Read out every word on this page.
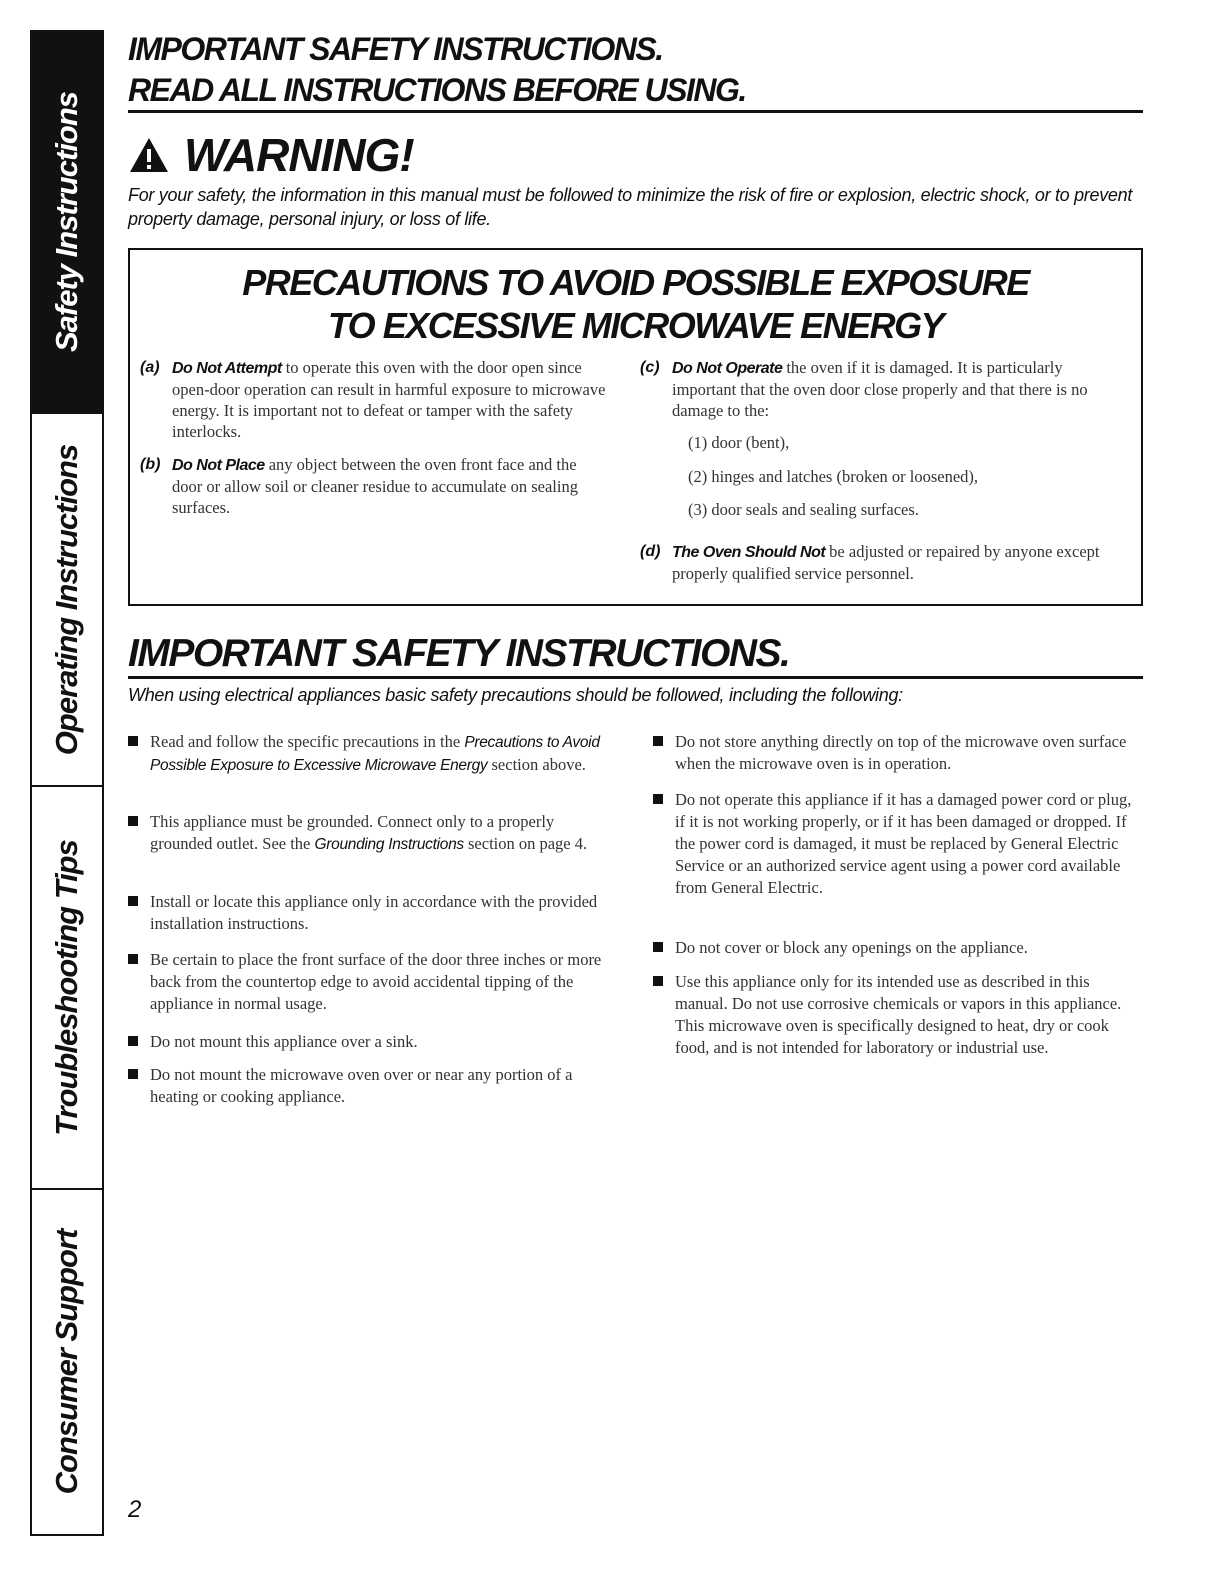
Safety Instructions
Operating Instructions
Troubleshooting Tips
Consumer Support
IMPORTANT SAFETY INSTRUCTIONS.
READ ALL INSTRUCTIONS BEFORE USING.
WARNING!
For your safety, the information in this manual must be followed to minimize the risk of fire or explosion, electric shock, or to prevent property damage, personal injury, or loss of life.
PRECAUTIONS TO AVOID POSSIBLE EXPOSURE
TO EXCESSIVE MICROWAVE ENERGY
(a) Do Not Attempt to operate this oven with the door open since open-door operation can result in harmful exposure to microwave energy. It is important not to defeat or tamper with the safety interlocks.
(b) Do Not Place any object between the oven front face and the door or allow soil or cleaner residue to accumulate on sealing surfaces.
(c) Do Not Operate the oven if it is damaged. It is particularly important that the oven door close properly and that there is no damage to the:
(1) door (bent),
(2) hinges and latches (broken or loosened),
(3) door seals and sealing surfaces.
(d) The Oven Should Not be adjusted or repaired by anyone except properly qualified service personnel.
IMPORTANT SAFETY INSTRUCTIONS.
When using electrical appliances basic safety precautions should be followed, including the following:
Read and follow the specific precautions in the Precautions to Avoid Possible Exposure to Excessive Microwave Energy section above.
This appliance must be grounded. Connect only to a properly grounded outlet. See the Grounding Instructions section on page 4.
Install or locate this appliance only in accordance with the provided installation instructions.
Be certain to place the front surface of the door three inches or more back from the countertop edge to avoid accidental tipping of the appliance in normal usage.
Do not mount this appliance over a sink.
Do not mount the microwave oven over or near any portion of a heating or cooking appliance.
Do not store anything directly on top of the microwave oven surface when the microwave oven is in operation.
Do not operate this appliance if it has a damaged power cord or plug, if it is not working properly, or if it has been damaged or dropped. If the power cord is damaged, it must be replaced by General Electric Service or an authorized service agent using a power cord available from General Electric.
Do not cover or block any openings on the appliance.
Use this appliance only for its intended use as described in this manual. Do not use corrosive chemicals or vapors in this appliance. This microwave oven is specifically designed to heat, dry or cook food, and is not intended for laboratory or industrial use.
2
